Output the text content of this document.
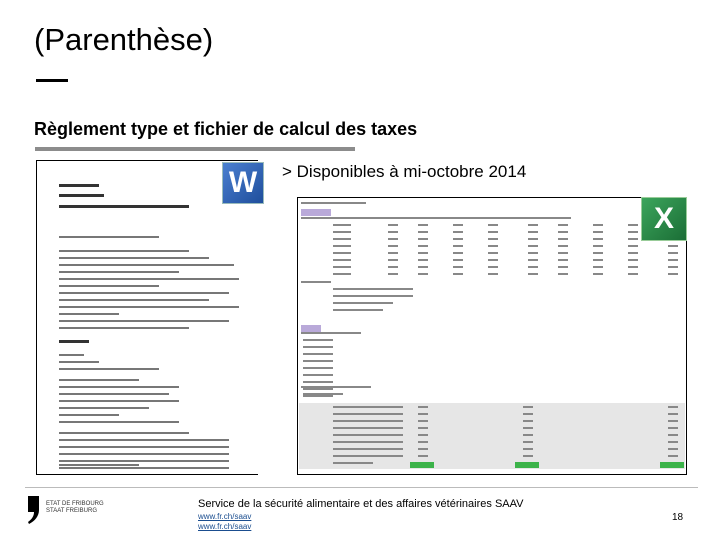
(Parenthèse)
Règlement type et fichier de calcul des taxes
> Disponibles à mi-octobre 2014
W
X
ETAT DE FRIBOURG
STAAT FREIBURG
Service de la sécurité alimentaire et des affaires vétérinaires SAAV
www.fr.ch/saav
www.fr.ch/saav
18
